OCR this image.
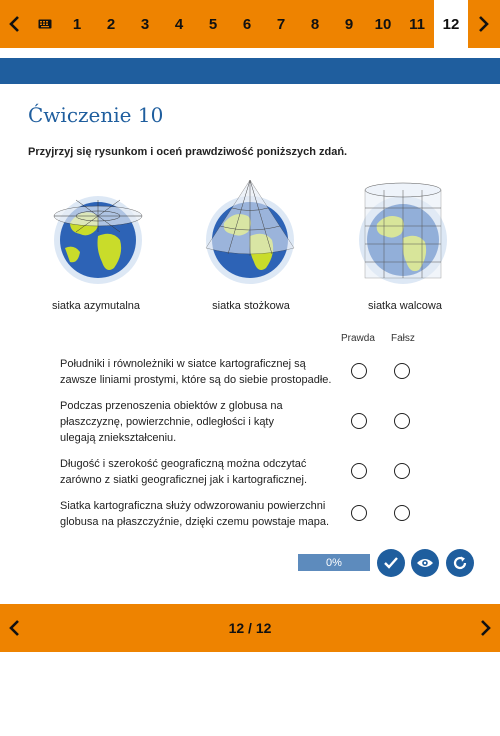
1	2	3	4	5	6	7	8	9	10	11	12
Ćwiczenie 10
Przyjrzyj się rysunkom i oceń prawdziwość poniższych zdań.
siatka azymutalna	siatka stożkowa	siatka walcowa
Prawda Fałsz
Południki i równoleżniki w siatce kartograficznej są
zawsze liniami prostymi, które są do siebie prostopadłe.
Podczas przenoszenia obiektów z globusa na
płaszczyznę, powierzchnie, odległości i kąty
ulegają zniekształceniu.
Długość i szerokość geograficzną można odczytać
zarówno z siatki geograficznej jak i kartograficznej.
Siatka kartograficzna służy odwzorowaniu powierzchni
globusa na płaszczyźnie, dzięki czemu powstaje mapa.
0%
12 / 12
